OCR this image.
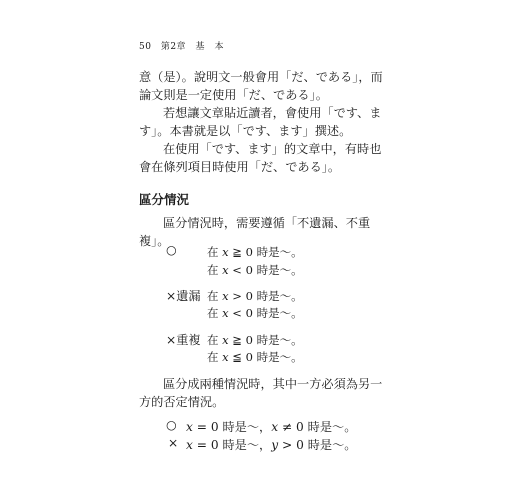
50 第2章 基　本

意（是）。說明文一般會用「だ、である」，而論文則是一定使用「だ、である」。

若想讓文章貼近讀者，會使用「です、ます」。本書就是以「です、ます」撰述。

在使用「です、ます」的文章中，有時也會在條列項目時使用「だ、である」。

區分情況

區分情況時，需要遵循「不遺漏、不重複」。

○	在 x ≧ 0 時是〜。
在 x < 0 時是〜。
×遺漏 在 x > 0 時是〜。
在 x < 0 時是〜。
×重複 在 x ≧ 0 時是〜。
在 x ≦ 0 時是〜。

區分成兩種情況時，其中一方必須為另一方的否定情況。

○ x = 0 時是〜，x ≠ 0 時是〜。
× x = 0 時是〜，y > 0 時是〜。
